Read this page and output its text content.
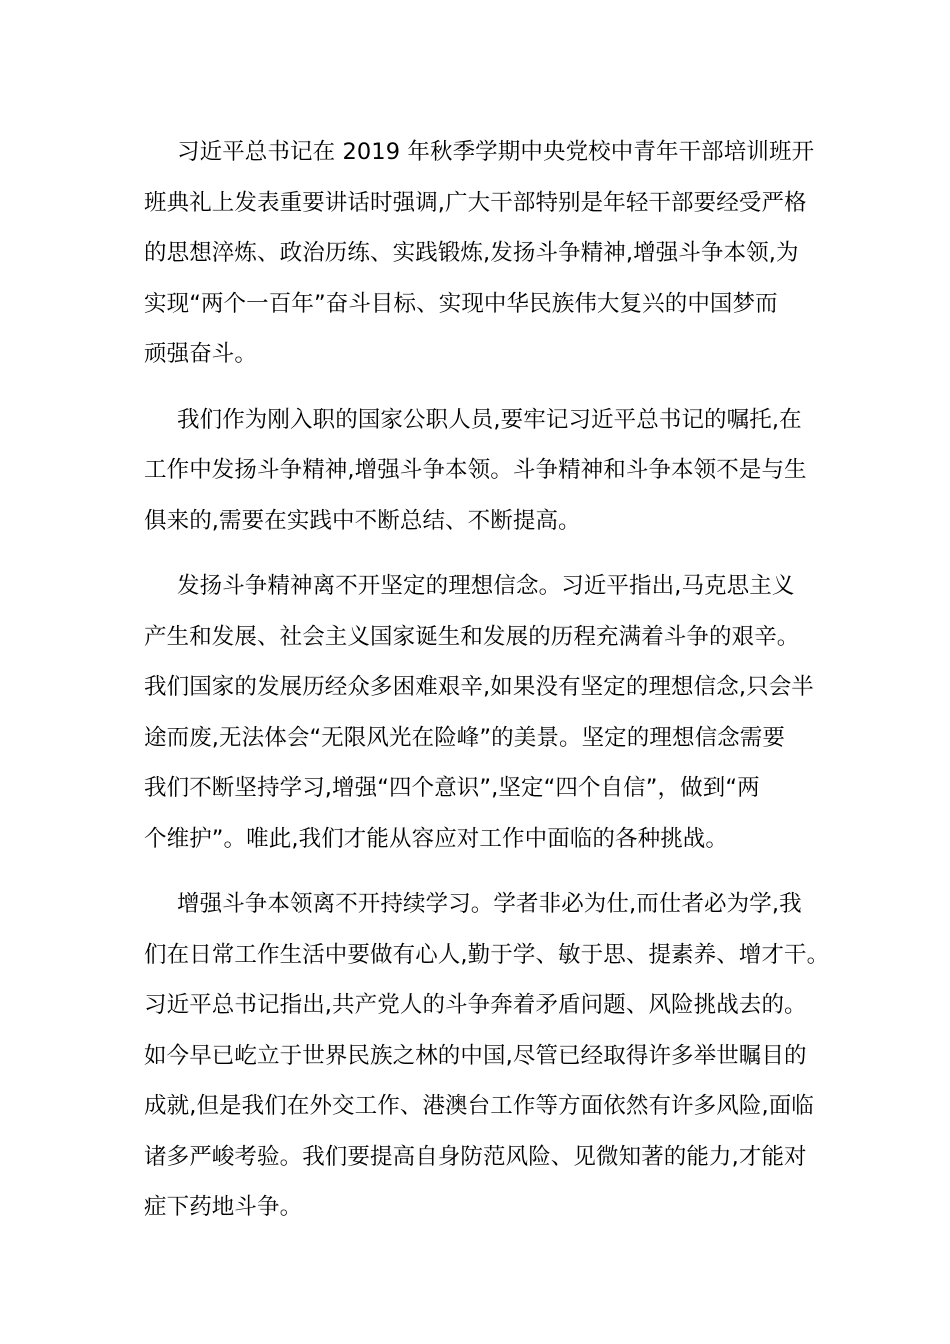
习近平总书记在 2019 年秋季学期中央党校中青年干部培训班开
班典礼上发表重要讲话时强调,广大干部特别是年轻干部要经受严格
的思想淬炼、政治历练、实践锻炼,发扬斗争精神,增强斗争本领,为
实现“两个一百年”奋斗目标、实现中华民族伟大复兴的中国梦而
顽强奋斗。
我们作为刚入职的国家公职人员,要牢记习近平总书记的嘱托,在
工作中发扬斗争精神,增强斗争本领。斗争精神和斗争本领不是与生
俱来的,需要在实践中不断总结、不断提高。
发扬斗争精神离不开坚定的理想信念。习近平指出,马克思主义
产生和发展、社会主义国家诞生和发展的历程充满着斗争的艰辛。
我们国家的发展历经众多困难艰辛,如果没有坚定的理想信念,只会半
途而废,无法体会“无限风光在险峰”的美景。坚定的理想信念需要
我们不断坚持学习,增强“四个意识”,坚定“四个自信”，做到“两
个维护”。唯此,我们才能从容应对工作中面临的各种挑战。
增强斗争本领离不开持续学习。学者非必为仕,而仕者必为学,我
们在日常工作生活中要做有心人,勤于学、敏于思、提素养、增才干。
习近平总书记指出,共产党人的斗争奔着矛盾问题、风险挑战去的。
如今早已屹立于世界民族之林的中国,尽管已经取得许多举世瞩目的
成就,但是我们在外交工作、港澳台工作等方面依然有许多风险,面临
诸多严峻考验。我们要提高自身防范风险、见微知著的能力,才能对
症下药地斗争。
